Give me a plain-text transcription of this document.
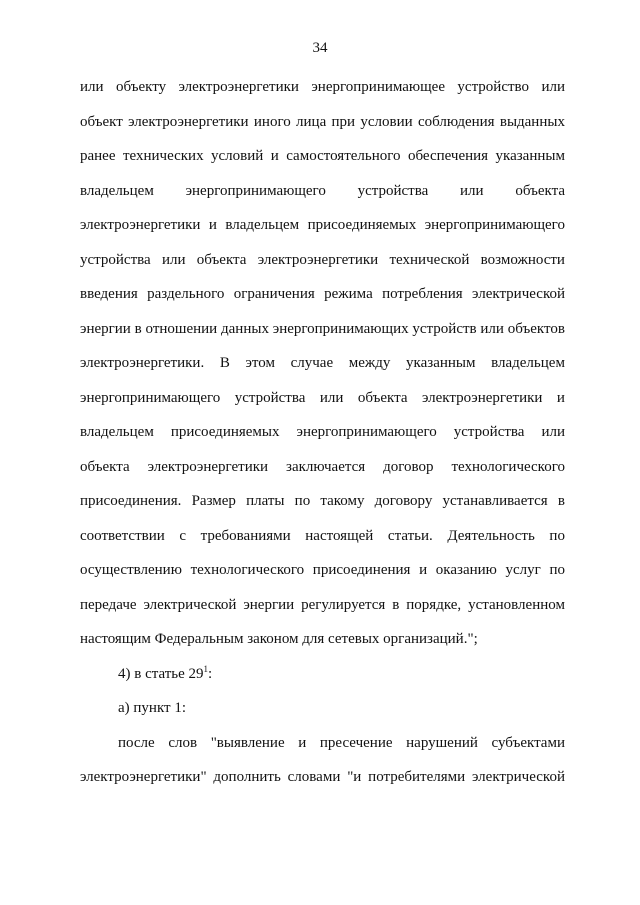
34
или объекту электроэнергетики энергопринимающее устройство или
объект электроэнергетики иного лица при условии соблюдения выданных
ранее технических условий и самостоятельного обеспечения указанным
владельцем энергопринимающего устройства или объекта
электроэнергетики и владельцем присоединяемых энергопринимающего
устройства или объекта электроэнергетики технической возможности
введения раздельного ограничения режима потребления электрической
энергии в отношении данных энергопринимающих устройств или объектов
электроэнергетики. В этом случае между указанным владельцем
энергопринимающего устройства или объекта электроэнергетики и
владельцем присоединяемых энергопринимающего устройства или
объекта электроэнергетики заключается договор технологического
присоединения. Размер платы по такому договору устанавливается в
соответствии с требованиями настоящей статьи. Деятельность по
осуществлению технологического присоединения и оказанию услуг по
передаче электрической энергии регулируется в порядке, установленном
настоящим Федеральным законом для сетевых организаций.";
4) в статье $29^1$:
а) пункт 1:
после слов "выявление и пресечение нарушений субъектами
электроэнергетики" дополнить словами "и потребителями электрической
